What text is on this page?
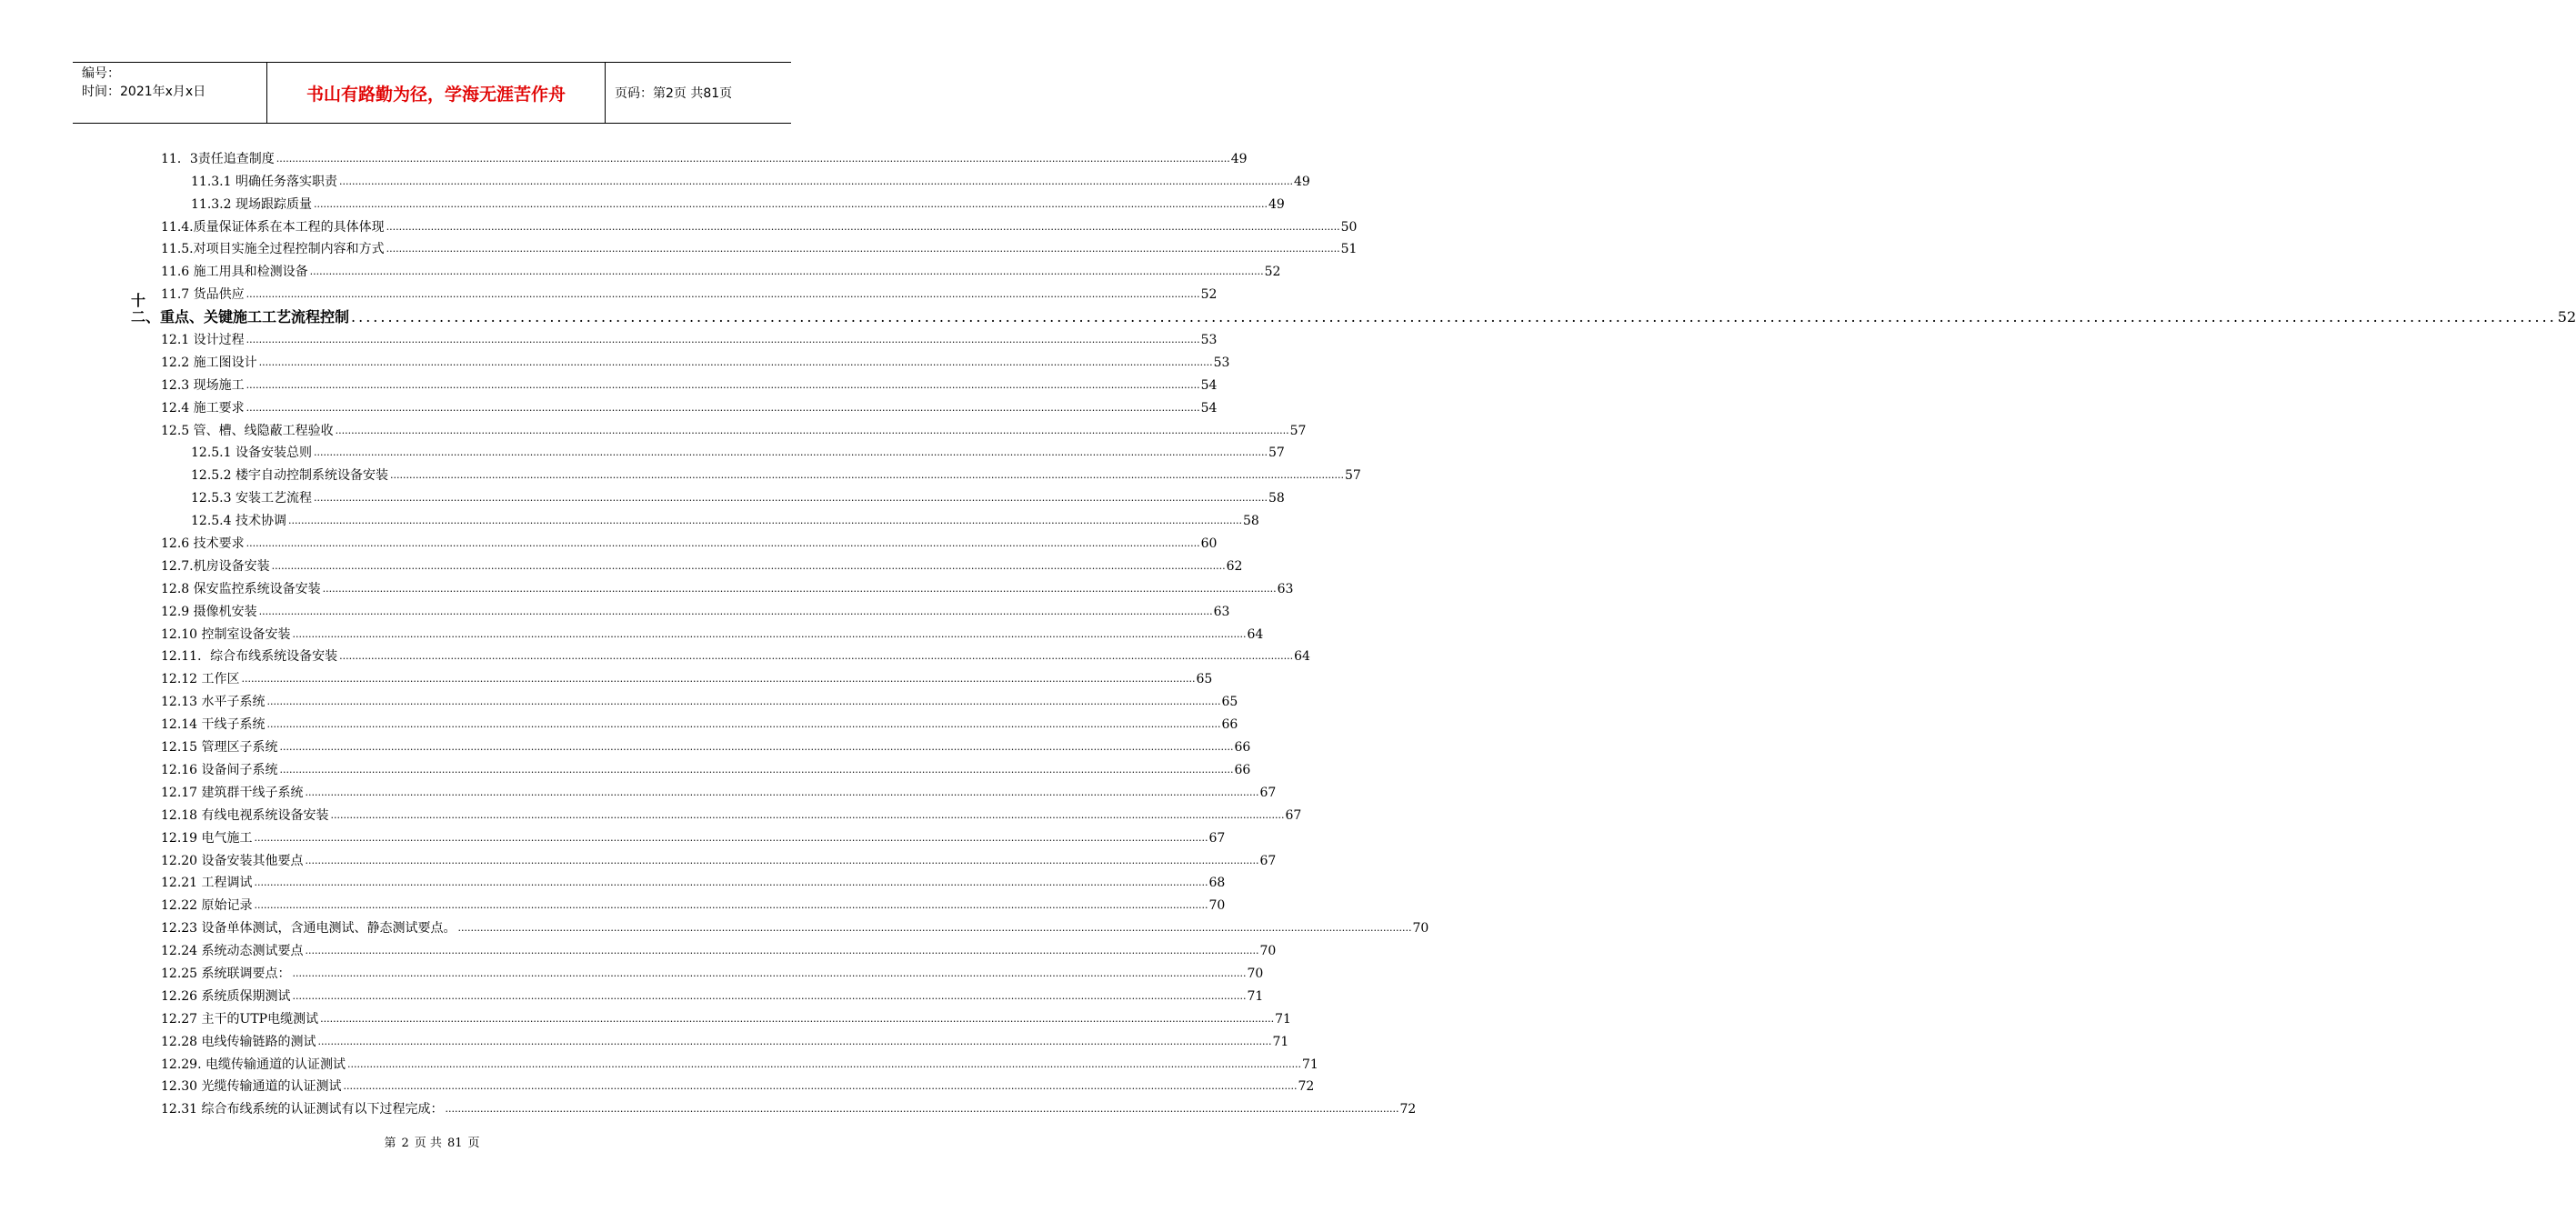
编号：
时间：2021年x月x日	书山有路勤为径，学海无涯苦作舟	页码：第2页 共81页
11．3责任追查制度 ............................................................................................................................................................................................................................................................................................................ 49
11.3.1 明确任务落实职责 ............................................................................................................................................................................................................................................................................................................ 49
11.3.2 现场跟踪质量 ............................................................................................................................................................................................................................................................................................................ 49
11.4.质量保证体系在本工程的具体体现 ............................................................................................................................................................................................................................................................................................................ 50
11.5.对项目实施全过程控制内容和方式 ............................................................................................................................................................................................................................................................................................................ 51
11.6 施工用具和检测设备 ............................................................................................................................................................................................................................................................................................................ 52
11.7 货品供应 ............................................................................................................................................................................................................................................................................................................ 52
十二、 重点、关键施工工艺流程控制 ............................................................................................................................................................................................................................................................................................................ 52
12.1 设计过程 ............................................................................................................................................................................................................................................................................................................ 53
12.2 施工图设计 ............................................................................................................................................................................................................................................................................................................ 53
12.3 现场施工 ............................................................................................................................................................................................................................................................................................................ 54
12.4 施工要求 ............................................................................................................................................................................................................................................................................................................ 54
12.5 管、槽、线隐蔽工程验收 ............................................................................................................................................................................................................................................................................................................ 57
12.5.1 设备安装总则 ............................................................................................................................................................................................................................................................................................................ 57
12.5.2 楼宇自动控制系统设备安装 ............................................................................................................................................................................................................................................................................................................ 57
12.5.3 安装工艺流程 ............................................................................................................................................................................................................................................................................................................ 58
12.5.4 技术协调 ............................................................................................................................................................................................................................................................................................................ 58
12.6 技术要求 ............................................................................................................................................................................................................................................................................................................ 60
12.7.机房设备安装 ............................................................................................................................................................................................................................................................................................................ 62
12.8 保安监控系统设备安装 ............................................................................................................................................................................................................................................................................................................ 63
12.9 摄像机安装 ............................................................................................................................................................................................................................................................................................................ 63
12.10 控制室设备安装 ............................................................................................................................................................................................................................................................................................................ 64
12.11．综合布线系统设备安装 ............................................................................................................................................................................................................................................................................................................ 64
12.12 工作区 ............................................................................................................................................................................................................................................................................................................ 65
12.13 水平子系统 ............................................................................................................................................................................................................................................................................................................ 65
12.14 干线子系统 ............................................................................................................................................................................................................................................................................................................ 66
12.15 管理区子系统 ............................................................................................................................................................................................................................................................................................................ 66
12.16 设备间子系统 ............................................................................................................................................................................................................................................................................................................ 66
12.17 建筑群干线子系统 ............................................................................................................................................................................................................................................................................................................ 67
12.18 有线电视系统设备安装 ............................................................................................................................................................................................................................................................................................................ 67
12.19 电气施工 ............................................................................................................................................................................................................................................................................................................ 67
12.20 设备安装其他要点 ............................................................................................................................................................................................................................................................................................................ 67
12.21 工程调试 ............................................................................................................................................................................................................................................................................................................ 68
12.22 原始记录 ............................................................................................................................................................................................................................................................................................................ 70
12.23 设备单体测试，含通电测试、静态测试要点。 ............................................................................................................................................................................................................................................................................................................ 70
12.24 系统动态测试要点 ............................................................................................................................................................................................................................................................................................................ 70
12.25 系统联调要点： ............................................................................................................................................................................................................................................................................................................ 70
12.26 系统质保期测试 ............................................................................................................................................................................................................................................................................................................ 71
12.27 主干的UTP电缆测试 ............................................................................................................................................................................................................................................................................................................ 71
12.28 电线传输链路的测试 ............................................................................................................................................................................................................................................................................................................ 71
12.29. 电缆传输通道的认证测试 ............................................................................................................................................................................................................................................................................................................ 71
12.30 光缆传输通道的认证测试 ............................................................................................................................................................................................................................................................................................................ 72
12.31 综合布线系统的认证测试有以下过程完成： ............................................................................................................................................................................................................................................................................................................ 72
第 2 页 共 81 页
